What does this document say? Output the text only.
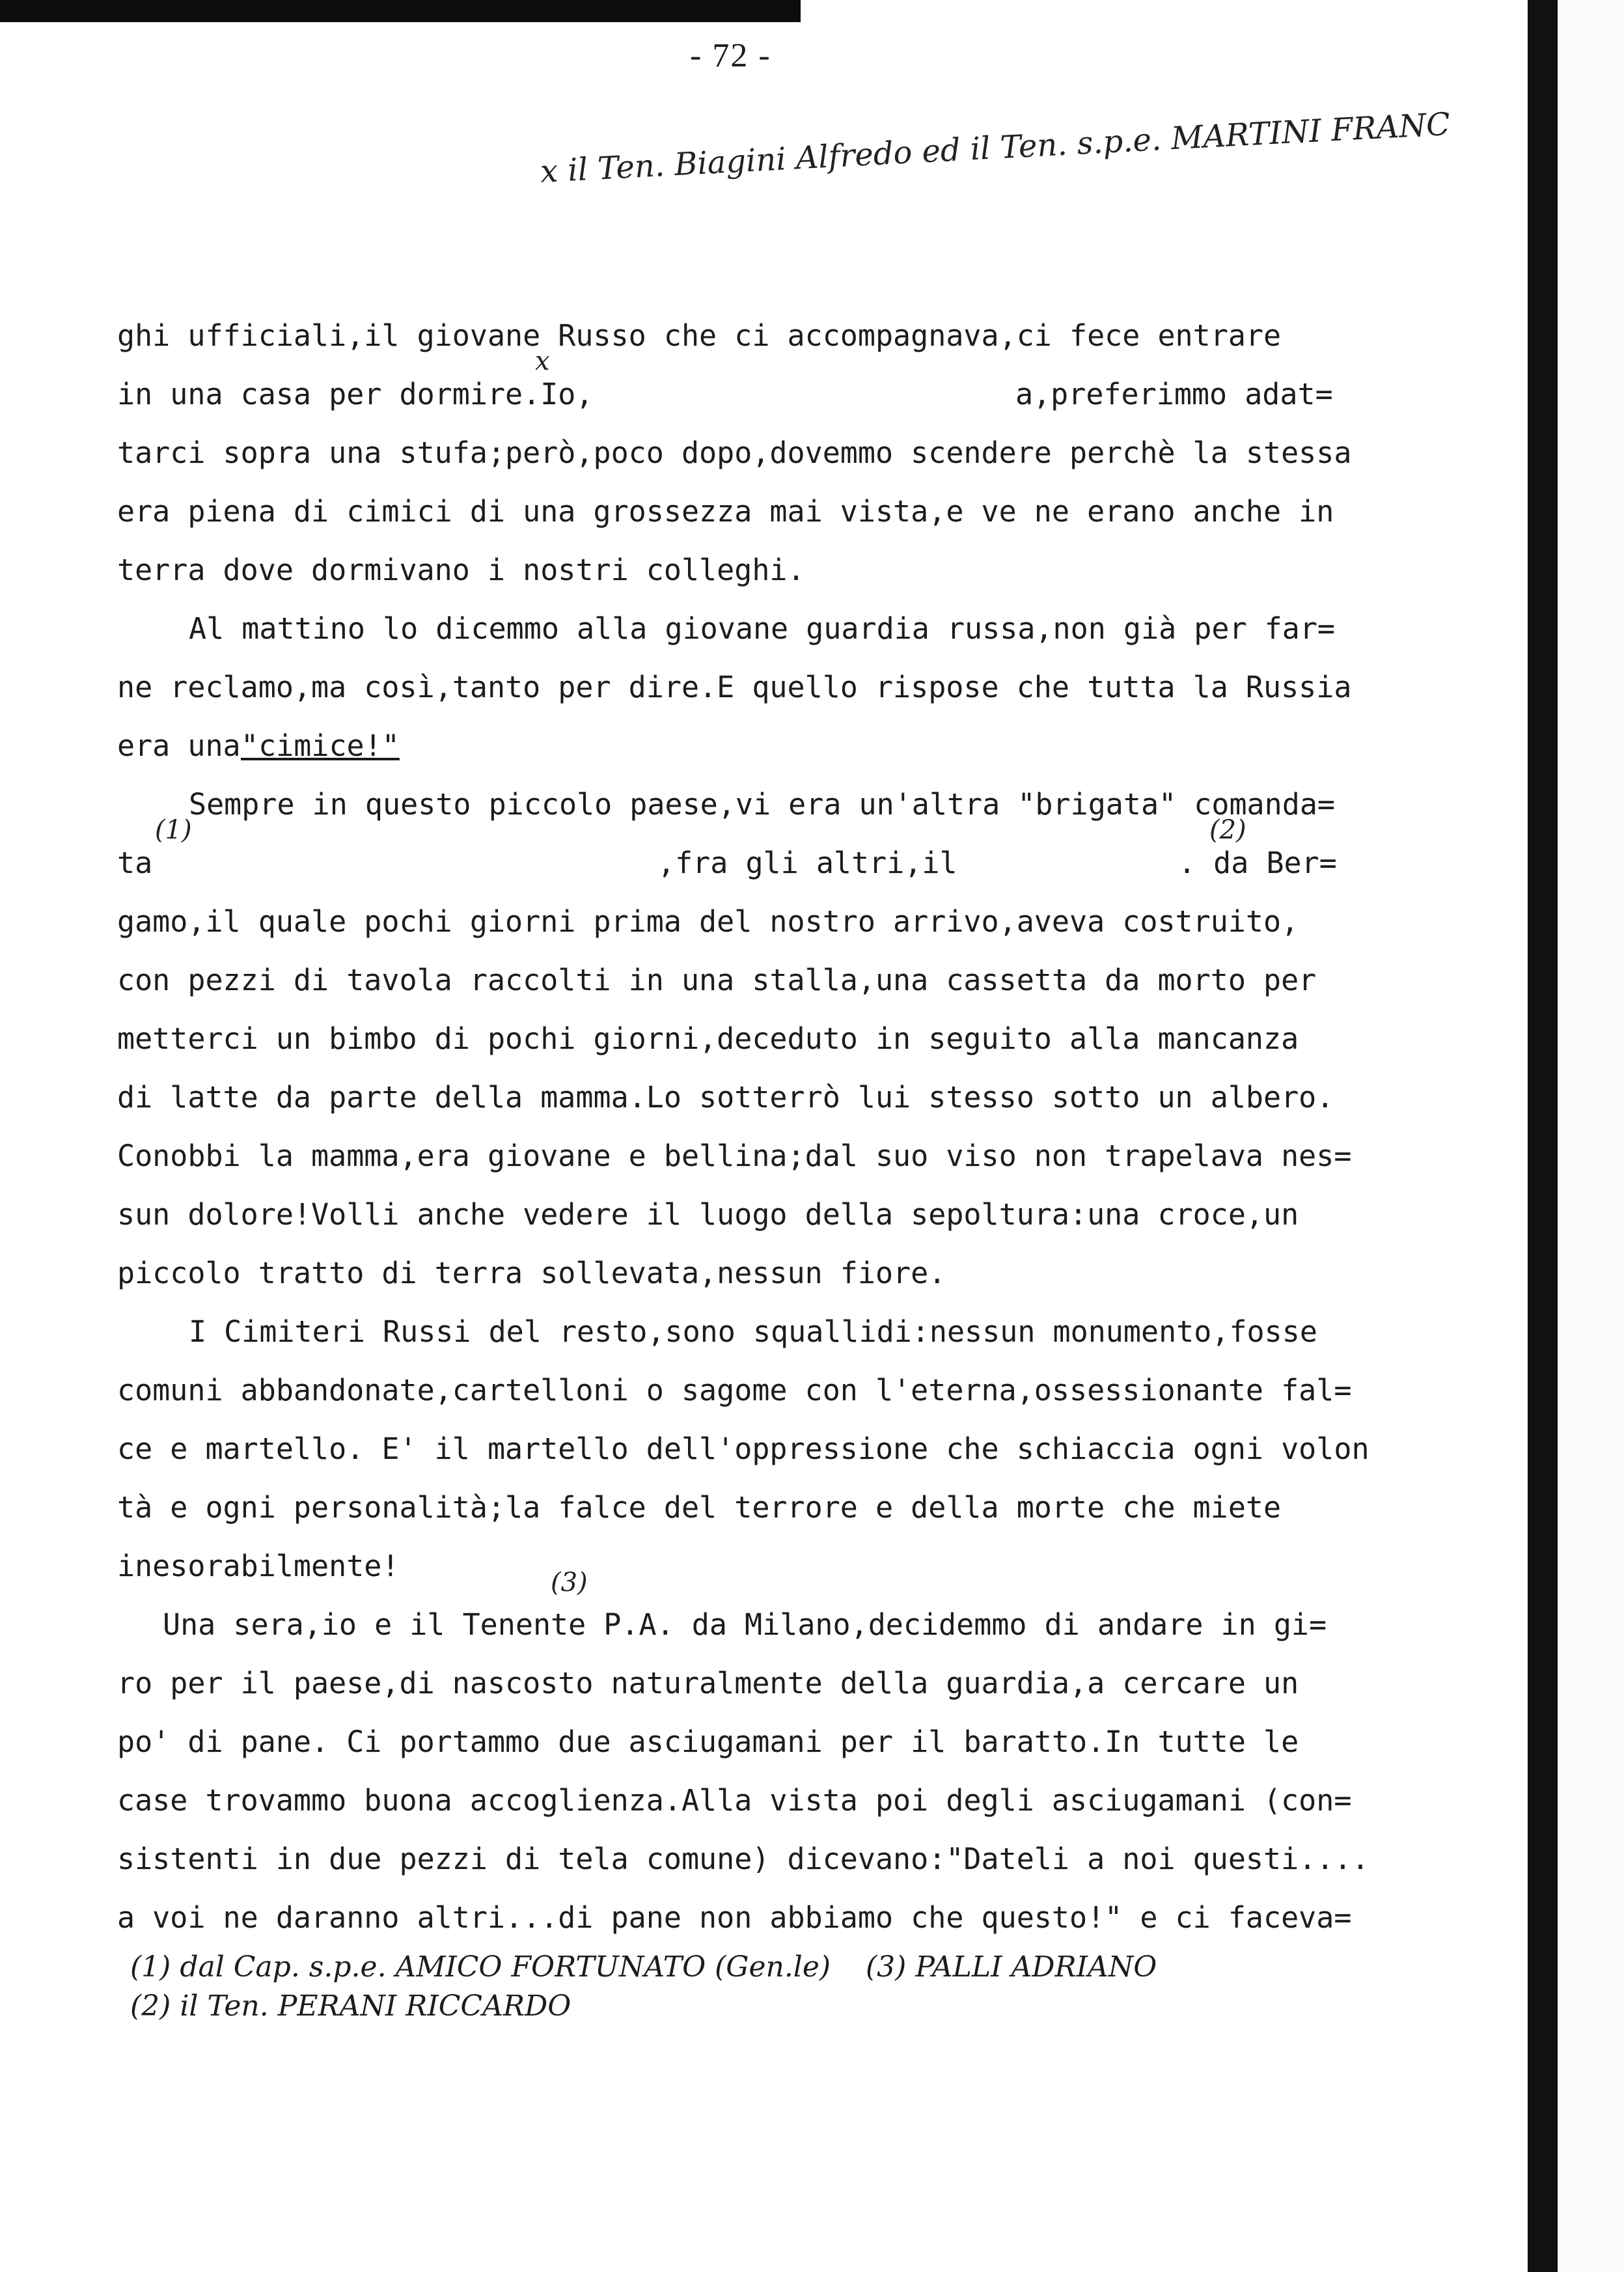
- 72 -
x il Ten. Biagini Alfredo ed il Ten. s.p.e. MARTINI FRANC
x
(1)	(2)
(3)
ghi ufficiali,il giovane Russo che ci accompagnava,ci fece entrare
in una casa per dormire.Io,	a,preferimmo adat=
tarci sopra una stufa;però,poco dopo,dovemmo scendere perchè la stessa
era piena di cimici di una grossezza mai vista,e ve ne erano anche in
terra dove dormivano i nostri colleghi.
Al mattino lo dicemmo alla giovane guardia russa,non già per far=
ne reclamo,ma così,tanto per dire.E quello rispose che tutta la Russia
era una "cimice!"
Sempre in questo piccolo paese,vi era un'altra "brigata" comanda=
ta	,fra gli altri,il	. da Ber=
gamo,il quale pochi giorni prima del nostro arrivo,aveva costruito,
con pezzi di tavola raccolti in una stalla,una cassetta da morto per
metterci un bimbo di pochi giorni,deceduto in seguito alla mancanza
di latte da parte della mamma.Lo sotterrò lui stesso sotto un albero.
Conobbi la mamma,era giovane e bellina;dal suo viso non trapelava nes=
sun dolore!Volli anche vedere il luogo della sepoltura:una croce,un
piccolo tratto di terra sollevata,nessun fiore.
I Cimiteri Russi del resto,sono squallidi:nessun monumento,fosse
comuni abbandonate,cartelloni o sagome con l'eterna,ossessionante fal=
ce e martello. E' il martello dell'oppressione che schiaccia ogni volon
tà e ogni personalità;la falce del terrore e della morte che miete
inesorabilmente!
Una sera,io e il Tenente P.A. da Milano,decidemmo di andare in gi=
ro per il paese,di nascosto naturalmente della guardia,a cercare un
po' di pane. Ci portammo due asciugamani per il baratto.In tutte le
case trovammo buona accoglienza.Alla vista poi degli asciugamani (con=
sistenti in due pezzi di tela comune) dicevano:"Dateli a noi questi....
a voi ne daranno altri...di pane non abbiamo che questo!" e ci faceva=
(1) dal Cap. s.p.e. AMICO FORTUNATO (Gen.le) (3) PALLI ADRIANO
(2) il Ten. PERANI RICCARDO
